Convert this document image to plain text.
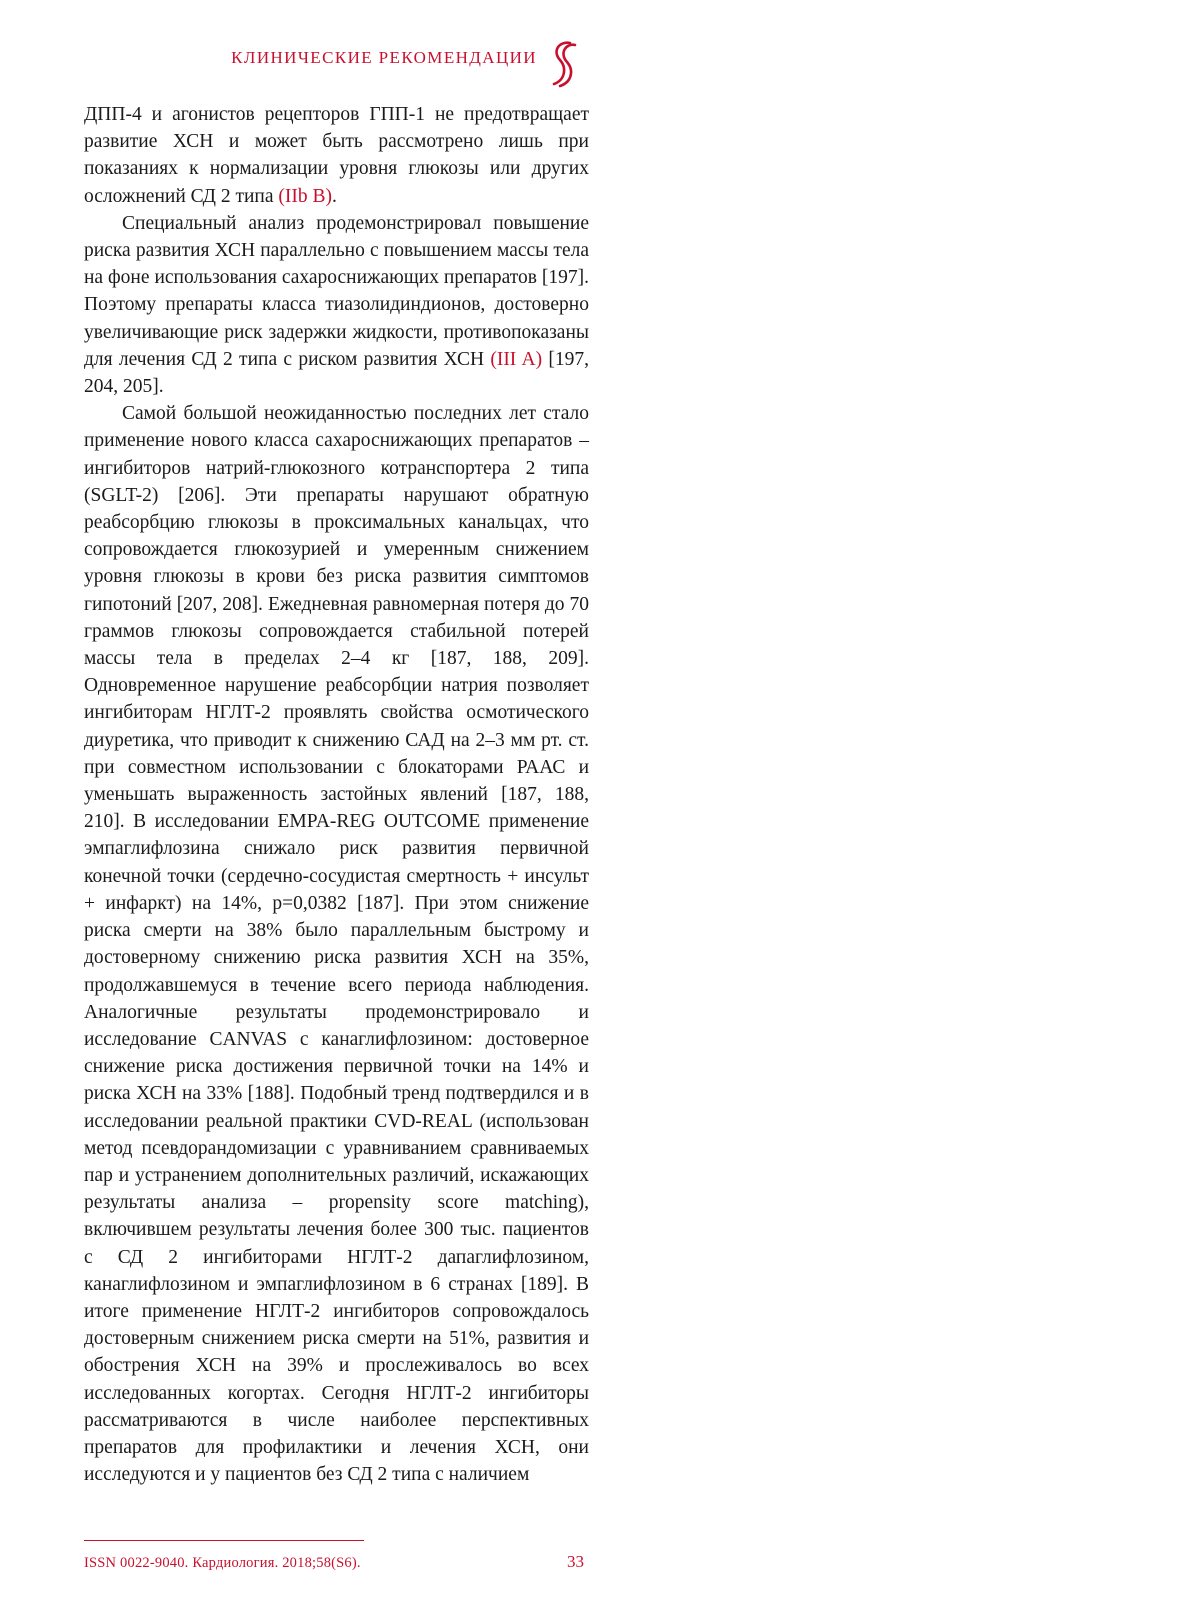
КЛИНИЧЕСКИЕ РЕКОМЕНДАЦИИ

ДПП-4 и агонистов рецепторов ГПП-1 не предотвращает развитие ХСН и может быть рассмотрено лишь при показаниях к нормализации уровня глюкозы или других осложнений СД 2 типа (IIb B).

Специальный анализ продемонстрировал повышение риска развития ХСН параллельно с повышением массы тела на фоне использования сахароснижающих препаратов [197]. Поэтому препараты класса тиазолидиндионов, достоверно увеличивающие риск задержки жидкости, противопоказаны для лечения СД 2 типа с риском развития ХСН (III A) [197, 204, 205].

Самой большой неожиданностью последних лет стало применение нового класса сахароснижающих препаратов – ингибиторов натрий-глюкозного котранспортера 2 типа (SGLT-2) [206]. Эти препараты нарушают обратную реабсорбцию глюкозы в проксимальных канальцах, что сопровождается глюкозурией и умеренным снижением уровня глюкозы в крови без риска развития симптомов гипотоний [207, 208]. Ежедневная равномерная потеря до 70 граммов глюкозы сопровождается стабильной потерей массы тела в пределах 2–4 кг [187, 188, 209]. Одновременное нарушение реабсорбции натрия позволяет ингибиторам НГЛТ-2 проявлять свойства осмотического диуретика, что приводит к снижению САД на 2–3 мм рт. ст. при совместном использовании с блокаторами РААС и уменьшать выраженность застойных явлений [187, 188, 210]. В исследовании EMPA-REG OUTCOME применение эмпаглифлозина снижало риск развития первичной конечной точки (сердечно-сосудистая смертность + инсульт + инфаркт) на 14%, p=0,0382 [187]. При этом снижение риска смерти на 38% было параллельным быстрому и достоверному снижению риска развития ХСН на 35%, продолжавшемуся в течение всего периода наблюдения. Аналогичные результаты продемонстрировало и исследование CANVAS с канаглифлозином: достоверное снижение риска достижения первичной точки на 14% и риска ХСН на 33% [188]. Подобный тренд подтвердился и в исследовании реальной практики CVD-REAL (использован метод псевдорандомизации с уравниванием сравниваемых пар и устранением дополнительных различий, искажающих результаты анализа – propensity score matching), включившем результаты лечения более 300 тыс. пациентов с СД 2 ингибиторами НГЛТ-2 дапаглифлозином, канаглифлозином и эмпаглифлозином в 6 странах [189]. В итоге применение НГЛТ-2 ингибиторов сопровождалось достоверным снижением риска смерти на 51%, развития и обострения ХСН на 39% и прослеживалось во всех исследованных когортах. Сегодня НГЛТ-2 ингибиторы рассматриваются в числе наиболее перспективных препаратов для профилактики и лечения ХСН, они исследуются и у пациентов без СД 2 типа с наличием

ISSN 0022-9040. Кардиология. 2018;58(S6).	33
